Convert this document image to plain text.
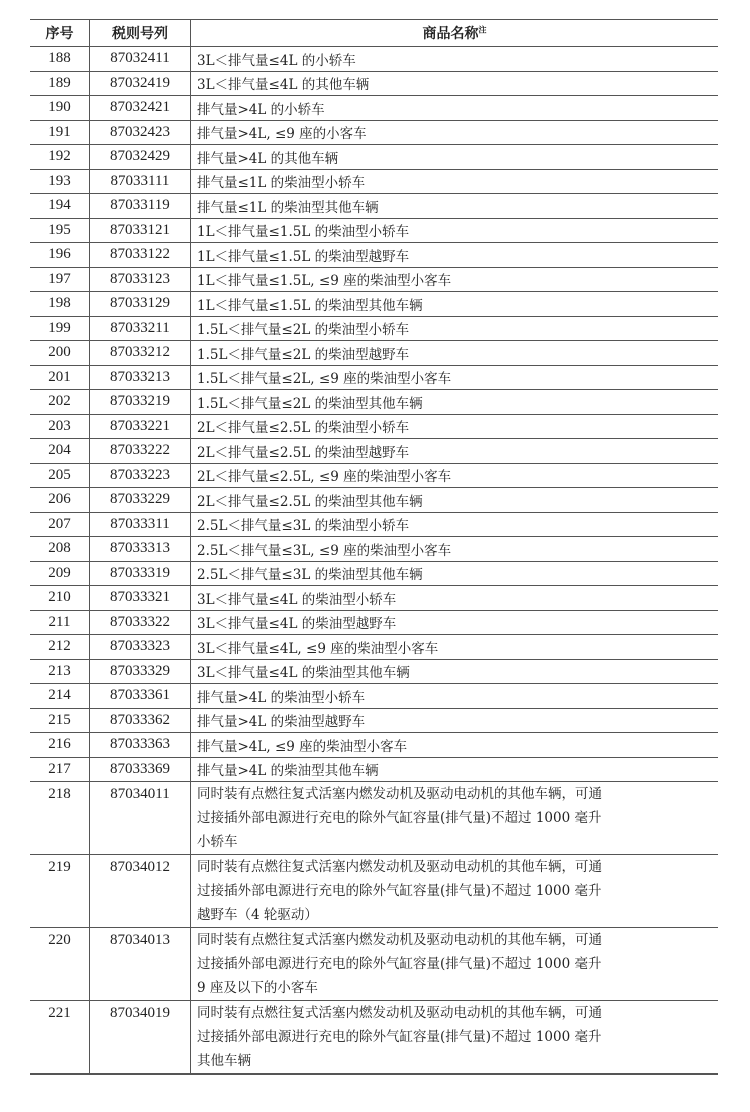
序号	税则号列	商品名称$^注$
188	87032411	3L＜排气量≤4L 的小轿车
189	87032419	3L＜排气量≤4L 的其他车辆
190	87032421	排气量>4L 的小轿车
191	87032423	排气量>4L, ≤9 座的小客车
192	87032429	排气量>4L 的其他车辆
193	87033111	排气量≤1L 的柴油型小轿车
194	87033119	排气量≤1L 的柴油型其他车辆
195	87033121	1L＜排气量≤1.5L 的柴油型小轿车
196	87033122	1L＜排气量≤1.5L 的柴油型越野车
197	87033123	1L＜排气量≤1.5L, ≤9 座的柴油型小客车
198	87033129	1L＜排气量≤1.5L 的柴油型其他车辆
199	87033211	1.5L＜排气量≤2L 的柴油型小轿车
200	87033212	1.5L＜排气量≤2L 的柴油型越野车
201	87033213	1.5L＜排气量≤2L, ≤9 座的柴油型小客车
202	87033219	1.5L＜排气量≤2L 的柴油型其他车辆
203	87033221	2L＜排气量≤2.5L 的柴油型小轿车
204	87033222	2L＜排气量≤2.5L 的柴油型越野车
205	87033223	2L＜排气量≤2.5L, ≤9 座的柴油型小客车
206	87033229	2L＜排气量≤2.5L 的柴油型其他车辆
207	87033311	2.5L＜排气量≤3L 的柴油型小轿车
208	87033313	2.5L＜排气量≤3L, ≤9 座的柴油型小客车
209	87033319	2.5L＜排气量≤3L 的柴油型其他车辆
210	87033321	3L＜排气量≤4L 的柴油型小轿车
211	87033322	3L＜排气量≤4L 的柴油型越野车
212	87033323	3L＜排气量≤4L, ≤9 座的柴油型小客车
213	87033329	3L＜排气量≤4L 的柴油型其他车辆
214	87033361	排气量>4L 的柴油型小轿车
215	87033362	排气量>4L 的柴油型越野车
216	87033363	排气量>4L, ≤9 座的柴油型小客车
217	87033369	排气量>4L 的柴油型其他车辆
218	87034011	同时装有点燃往复式活塞内燃发动机及驱动电动机的其他车辆，可通
过接插外部电源进行充电的除外气缸容量(排气量)不超过 1000 毫升
小轿车

219	87034012	同时装有点燃往复式活塞内燃发动机及驱动电动机的其他车辆，可通
过接插外部电源进行充电的除外气缸容量(排气量)不超过 1000 毫升
越野车（4 轮驱动）

220	87034013	同时装有点燃往复式活塞内燃发动机及驱动电动机的其他车辆，可通
过接插外部电源进行充电的除外气缸容量(排气量)不超过 1000 毫升
9 座及以下的小客车

221	87034019	同时装有点燃往复式活塞内燃发动机及驱动电动机的其他车辆，可通
过接插外部电源进行充电的除外气缸容量(排气量)不超过 1000 毫升
其他车辆
